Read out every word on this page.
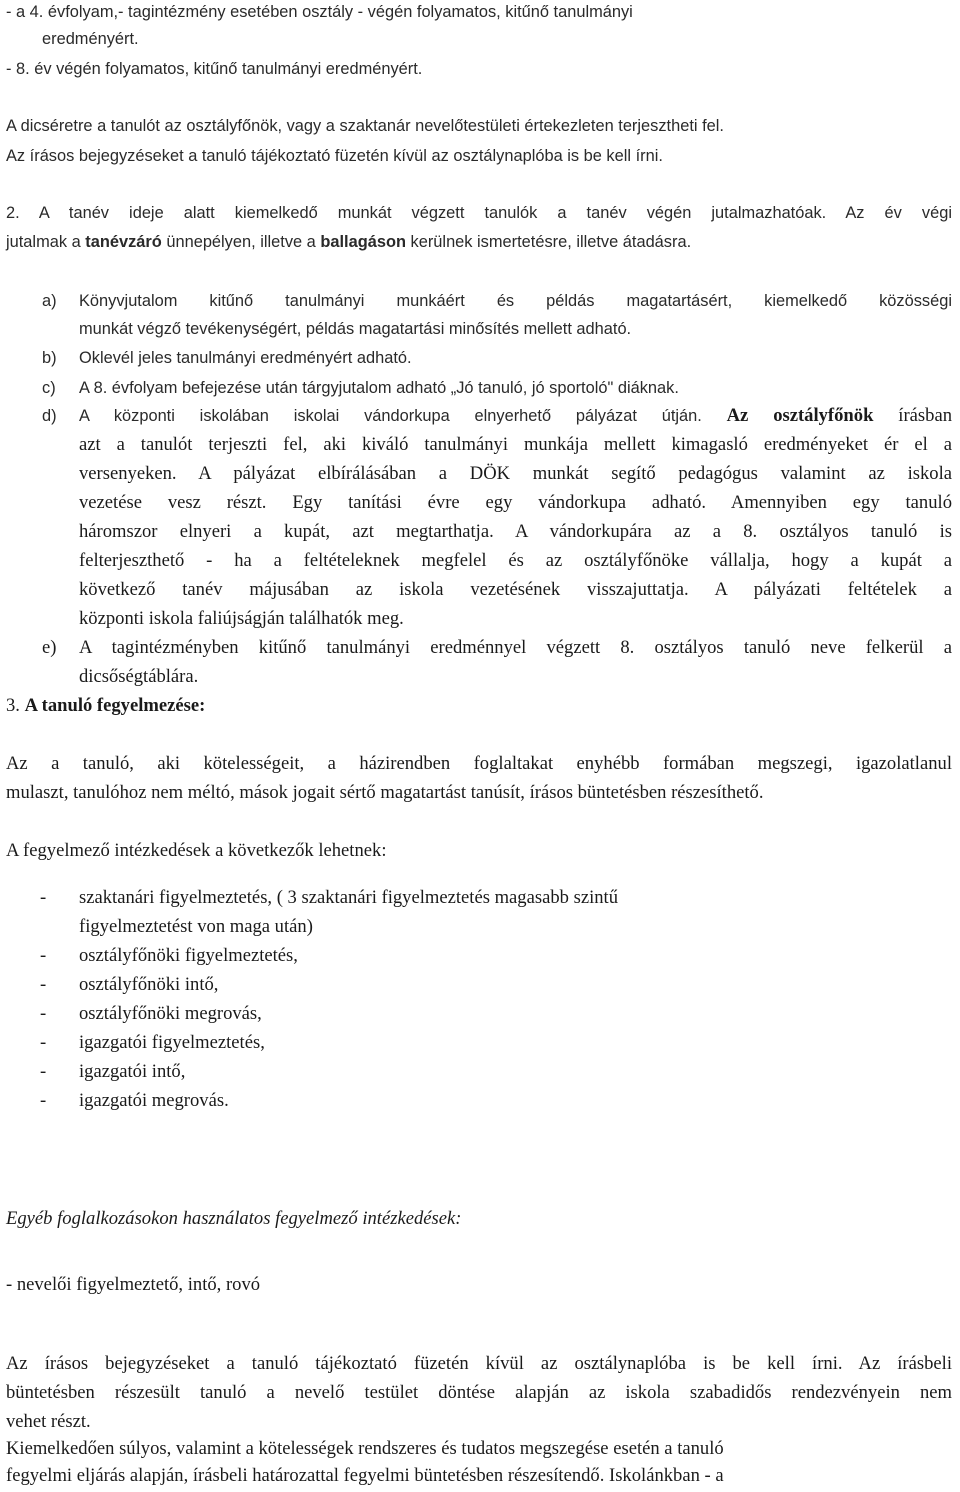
- a 4. évfolyam,- tagintézmény esetében osztály - végén folyamatos, kitűnő tanulmányi

eredményért.

- 8. év végén folyamatos, kitűnő tanulmányi eredményért.

A dicséretre a tanulót az osztályfőnök, vagy a szaktanár nevelőtestületi értekezleten terjesztheti fel.

Az írásos bejegyzéseket a tanuló tájékoztató füzetén kívül az osztálynaplóba is be kell írni.

2. A tanév ideje alatt kiemelkedő munkát végzett tanulók a tanév végén jutalmazhatóak. Az év végi

jutalmak a tanévzáró ünnepélyen, illetve a ballagáson kerülnek ismertetésre, illetve átadásra.

a) Könyvjutalom kitűnő tanulmányi munkáért és példás magatartásért, kiemelkedő közösségi

munkát végző tevékenységért, példás magatartási minősítés mellett adható.

b) Oklevél jeles tanulmányi eredményért adható.

c) A 8. évfolyam befejezése után tárgyjutalom adható „Jó tanuló, jó sportoló" diáknak.

d) A központi iskolában iskolai vándorkupa elnyerhető pályázat útján. Az osztályfőnök írásban

azt a tanulót terjeszti fel, aki kiváló tanulmányi munkája mellett kimagasló eredményeket ér el a

versenyeken. A pályázat elbírálásában a DÖK munkát segítő pedagógus valamint az iskola

vezetése vesz részt. Egy tanítási évre egy vándorkupa adható. Amennyiben egy tanuló

háromszor elnyeri a kupát, azt megtarthatja. A vándorkupára az a 8. osztályos tanuló is

felterjeszthető - ha a feltételeknek megfelel és az osztályfőnöke vállalja, hogy a kupát a

következő tanév májusában az iskola vezetésének visszajuttatja. A pályázati feltételek a

központi iskola faliújságján találhatók meg.

e) A tagintézményben kitűnő tanulmányi eredménnyel végzett 8. osztályos tanuló neve felkerül a

dicsőségtáblára.

3. A tanuló fegyelmezése:

Az a tanuló, aki kötelességeit, a házirendben foglaltakat enyhébb formában megszegi, igazolatlanul

mulaszt, tanulóhoz nem méltó, mások jogait sértő magatartást tanúsít, írásos büntetésben részesíthető.

A fegyelmező intézkedések a következők lehetnek:

- szaktanári figyelmeztetés, ( 3 szaktanári figyelmeztetés magasabb szintű

figyelmeztetést von maga után)

- osztályfőnöki figyelmeztetés,

- osztályfőnöki intő,

- osztályfőnöki megrovás,

- igazgatói figyelmeztetés,

- igazgatói intő,

- igazgatói megrovás.

Egyéb foglalkozásokon használatos fegyelmező intézkedések:

- nevelői figyelmeztető, intő, rovó

Az írásos bejegyzéseket a tanuló tájékoztató füzetén kívül az osztálynaplóba is be kell írni. Az írásbeli

büntetésben részesült tanuló a nevelő testület döntése alapján az iskola szabadidős rendezvényein nem

vehet részt.

Kiemelkedően súlyos, valamint a kötelességek rendszeres és tudatos megszegése esetén a tanuló

fegyelmi eljárás alapján, írásbeli határozattal fegyelmi büntetésben részesítendő. Iskolánkban - a
